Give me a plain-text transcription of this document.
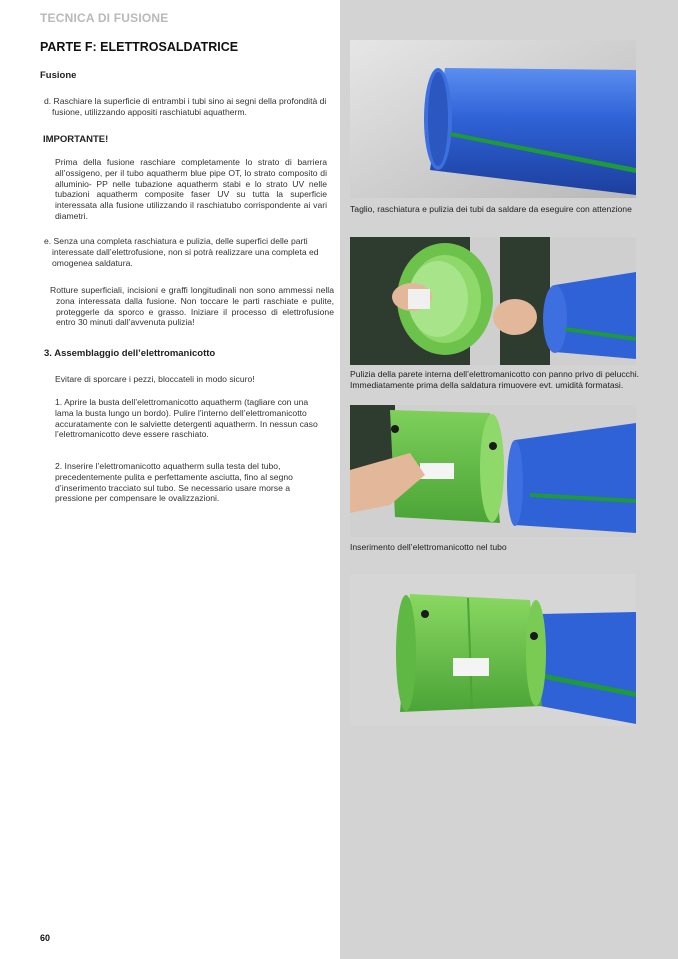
TECNICA DI FUSIONE
PARTE F: ELETTROSALDATRICE
Fusione
d. Raschiare la superficie di entrambi i tubi sino ai segni della profondità di fusione, utilizzando appositi raschiatubi aquatherm.
IMPORTANTE!
Prima della fusione raschiare completamente lo strato di barriera all’ossigeno, per il tubo aquatherm blue pipe OT, lo strato composito di alluminio- PP nelle tubazione aquatherm stabi e lo strato UV nelle tubazioni aquatherm composite faser UV su tutta la superficie interessata alla fusione utilizzando il raschiatubo corrispondente ai vari diametri.
e. Senza una completa raschiatura e pulizia, delle superfici delle parti interessate dall’elettrofusione, non si potrà realizzare una completa ed omogenea saldatura.
Rotture superficiali, incisioni e graffi longitudinali non sono ammessi nella zona interessata dalla fusione. Non toccare le parti raschiate e pulite, proteggerle da sporco e grasso. Iniziare il processo di elettrofusione entro 30 minuti dall’avvenuta pulizia!
3. Assemblaggio dell’elettromanicotto
Evitare di sporcare i pezzi, bloccateli in modo sicuro!
1. Aprire la busta dell’elettromanicotto aquatherm (tagliare con una lama la busta lungo un bordo). Pulire l’interno dell’elettromanicotto accuratamente con le salviette detergenti aquatherm. In nessun caso l’elettromanicotto deve essere raschiato.
2. Inserire l’elettromanicotto aquatherm sulla testa del tubo, precedentemente pulita e perfettamente asciutta, fino al segno d’inserimento tracciato sul tubo. Se necessario usare morse a pressione per compensare le ovalizzazioni.
60
Taglio, raschiatura e pulizia dei tubi da saldare da eseguire con attenzione
Pulizia della parete interna dell’elettromanicotto con panno privo di pelucchi. Immediatamente prima della saldatura rimuovere evt. umidità formatasi.
Inserimento dell’elettromanicotto nel tubo
